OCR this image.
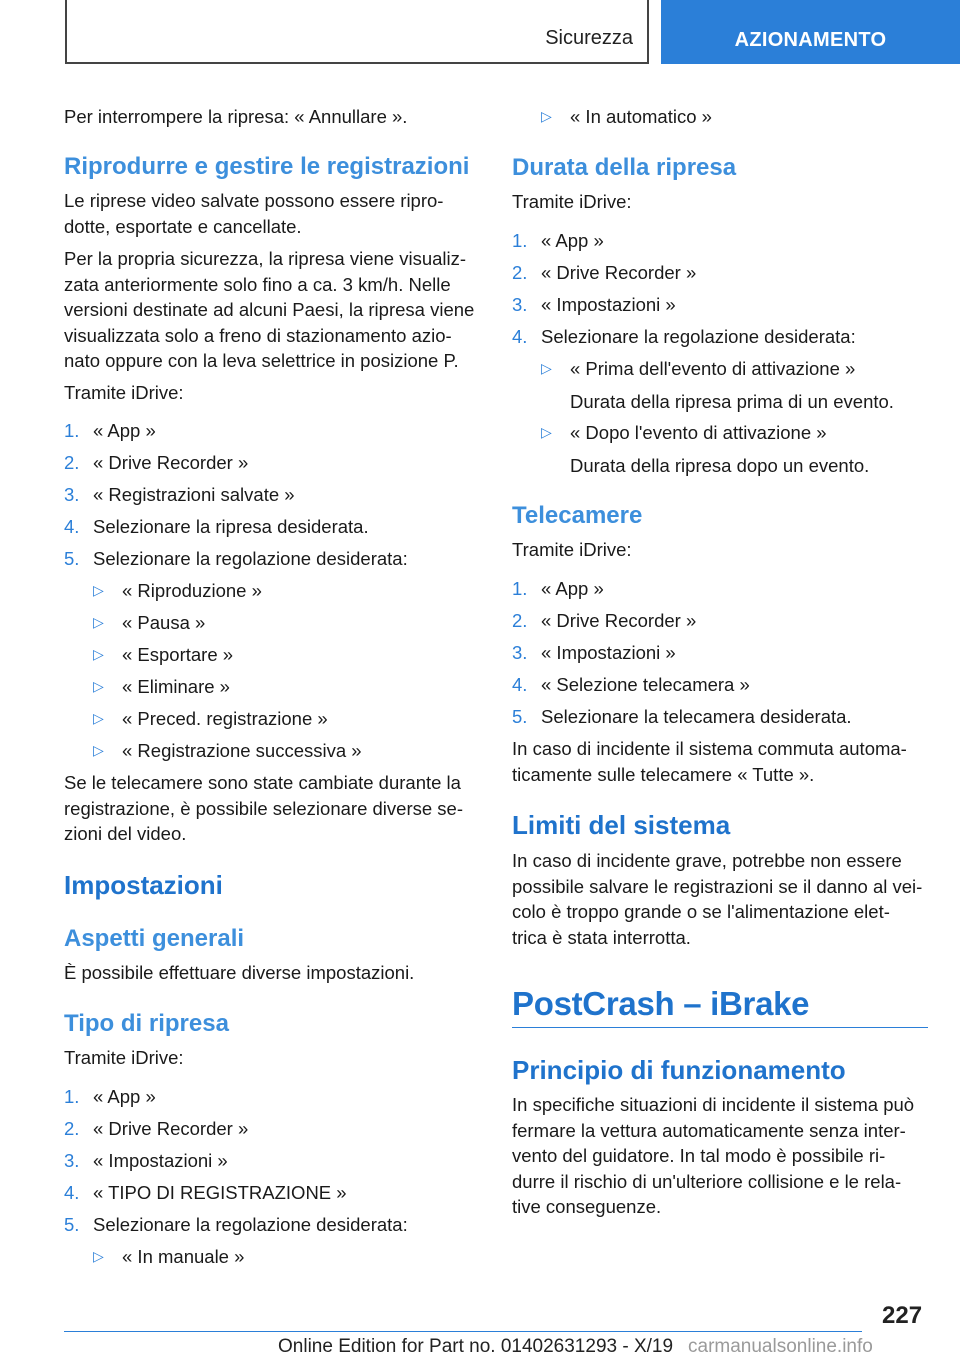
Sicurezza	AZIONAMENTO
Per interrompere la ripresa: « Annullare ».
Riprodurre e gestire le registrazioni
Le riprese video salvate possono essere ripro-
dotte, esportate e cancellate.
Per la propria sicurezza, la ripresa viene visualiz-
zata anteriormente solo fino a ca. 3 km/h. Nelle
versioni destinate ad alcuni Paesi, la ripresa viene
visualizzata solo a freno di stazionamento azio-
nato oppure con la leva selettrice in posizione P.
Tramite iDrive:
1. « App »
2. « Drive Recorder »
3. « Registrazioni salvate »
4. Selezionare la ripresa desiderata.
5. Selezionare la regolazione desiderata:
▷ « Riproduzione »
▷ « Pausa »
▷ « Esportare »
▷ « Eliminare »
▷ « Preced. registrazione »
▷ « Registrazione successiva »
Se le telecamere sono state cambiate durante la
registrazione, è possibile selezionare diverse se-
zioni del video.
Impostazioni
Aspetti generali
È possibile effettuare diverse impostazioni.
Tipo di ripresa
Tramite iDrive:
1. « App »
2. « Drive Recorder »
3. « Impostazioni »
4. « TIPO DI REGISTRAZIONE »
5. Selezionare la regolazione desiderata:
▷ « In manuale »
▷ « In automatico »
Durata della ripresa
Tramite iDrive:
1. « App »
2. « Drive Recorder »
3. « Impostazioni »
4. Selezionare la regolazione desiderata:
▷ « Prima dell'evento di attivazione »
Durata della ripresa prima di un evento.
▷ « Dopo l'evento di attivazione »
Durata della ripresa dopo un evento.
Telecamere
Tramite iDrive:
1. « App »
2. « Drive Recorder »
3. « Impostazioni »
4. « Selezione telecamera »
5. Selezionare la telecamera desiderata.
In caso di incidente il sistema commuta automa-
ticamente sulle telecamere « Tutte ».
Limiti del sistema
In caso di incidente grave, potrebbe non essere
possibile salvare le registrazioni se il danno al vei-
colo è troppo grande o se l'alimentazione elet-
trica è stata interrotta.
PostCrash – iBrake
Principio di funzionamento
In specifiche situazioni di incidente il sistema può
fermare la vettura automaticamente senza inter-
vento del guidatore. In tal modo è possibile ri-
durre il rischio di un'ulteriore collisione e le rela-
tive conseguenze.
227
Online Edition for Part no. 01402631293 - X/19 carmanualsonline.info
